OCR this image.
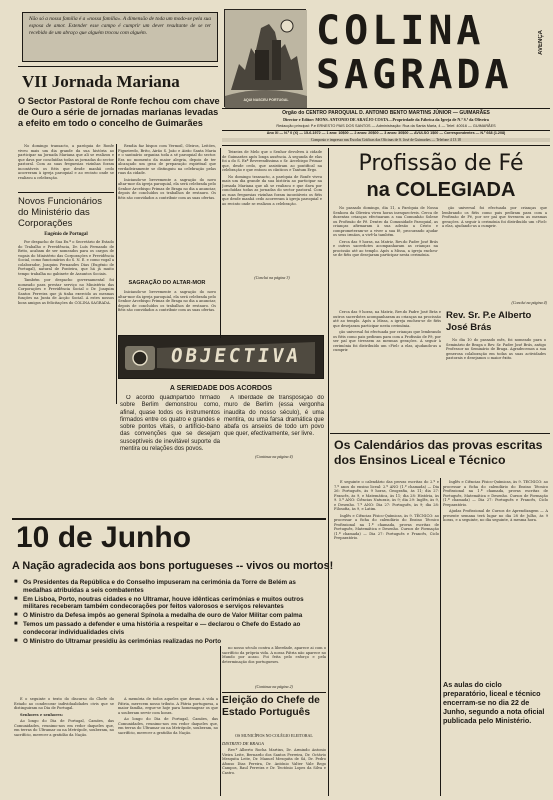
Não só a nossa família é a «nossa família». A dimensão de toda um modo-se pela sua esposa de amor. Estender esse campo é cumprir um dever resultante de se ter recebido de um abraço que alguém trocou com alguém.
AQUI NASCEU PORTUGAL
COLINA
SAGRADA
AVENÇA
Orgão do CENTRO PAROQUIAL D. ANTONIO BENTO MARTINS JÚNIOR — GUIMARÃES
Director e Editor: MONS. ANTONIO DE ARAÚJO COSTA—Propriedade da Fábrica da Igreja de N.ª S.ª da Oliveira
Redacção principal: P.e ERNESTO PAIS DOS SANTOS — Administração: Rua da Santa Maria, 4 — Telef. 40016 — GUIMARÃES
Ano XI — N.º 0 (X) — 15-6-1972 — 1 ano: 10$00 — 2 anos: 20$00 — 3 anos: 30$00 — AVULSO 1$00 — Correspondentes — N.º 668 (1.208)
Composto e impresso nas Escolas Gráficas das Oficinas de S. José de Guimarães — Telefone 4 13 18
VII Jornada Mariana
O Sector Pastoral de Ronfe fechou com chave de Ouro a série de jornadas marianas levadas a efeito em todo o concelho de Guimarães

No domingo transacto, a paróquia de Ronfe viveu mais um dia grande da sua história ao participar na Jornada Mariana que ali se realizou e que dava por concluídas todas as jornadas do sector pastoral. Com as suas freguesias vizinhas foram incontáveis os fiéis que desde manhã cedo acorreram à igreja paroquial e ao recinto onde se realizou a celebração.

Rendia faz bispos com Vermoil, Oleiros, Leitões, Figueiredo, Brito, Airão S. João e Airão Santa Maria e o santuário organiza toda a sé paroquial do sector. Era no momento da maior alegria, depois de ter alcançado um grau de preparação espiritual que verdadeiramente se distinguiu na celebração pelas ruas da cidade.

Iniciando-se brevemente a sagração do novo altar-mor da igreja paroquial, ela será celebrada pelo Senhor Arcebispo Primaz de Braga no dia a anunciar, depois de concluídos os trabalhos de restauro. Os fiéis são convidados a contribuir com as suas ofertas.

Novos Funcionários do Ministério das Corporações
Eugénio de Portugal

Por despacho de Sua Ex.ª o Secretário de Estado do Trabalho e Previdência, Dr. Luís Fernando de Brito, acabam de ser nomeados para os cargos de vogais do Ministério das Corporações e Previdência Social, como funcionários do S. N. E. e como vogal a colaborador, Joaquim Fernandes Dias (Eugénio de Portugal), natural de Ponteira, que há já muito tempo trabalha no gabinete de Assuntos Sociais.

Também por despacho governamental foi nomeado para prestar serviço no Ministério das Corporações e Previdência Social o Dr. Joaquim Santos Ferreira que já tinha exercido as mesmas funções na Junta de Acção Social. A estes nossos bons amigos as felicitações do COLINA SAGRADA.

SAGRAÇÃO DO ALTAR-MOR

Iniciando-se brevemente a sagração do novo altar-mor da igreja paroquial, ela será celebrada pelo Senhor Arcebispo Primaz de Braga no dia a anunciar, depois de concluídos os trabalhos de restauro. Os fiéis são convidados a contribuir com as suas ofertas.

Teixeira de Melo que o Senhor devolveu à cidade de Guimarães após longa ausência. A segunda de elas foi a do S. Exª Reverendíssima o Sr. Arcebispo Primaz que, desde cedo, que assistiram ao pontifical na celebração e que entoou os cânticos e Tantum Ergo.

No domingo transacto, a paróquia de Ronfe viveu mais um dia grande da sua história ao participar na Jornada Mariana que ali se realizou e que dava por concluídas todas as jornadas do sector pastoral. Com as suas freguesias vizinhas foram incontáveis os fiéis que desde manhã cedo acorreram à igreja paroquial e ao recinto onde se realizou a celebração.

(Conclui na página 3)
OBJECTIVA
A SERIEDADE DOS ACORDOS

O acordo quadripartido firmado sobre Berlim demonstrou como, afinal, quase todos os instrumentos firmados entre os quatro e grandes e sobre pontos vitais, o artifício-bano das convenções que se desejam susceptíveis de inevitável suporte da mentira ou relações dos povos.

A liberdade de transposição do muro de Berlim (essa vergonha inaudita do nosso século), é uma mentira, ou uma farsa dramática que abafa os anseios de todo um povo que quer, efectivamente, ser livre.

(Continua na página 4)
Profissão de Fé
na COLEGIADA

No passado domingo, dia 11, a Paróquia de Nossa Senhora da Oliveira viveu horas inesquecíveis. Cerca de duzentas crianças efectuaram a sua Comunhão Solene ou Profissão de Fé. Dentro da Comunidade Paroquial, as crianças afirmaram à sua adesão a Cristo e comprometeram-se a viver a sua fé, procurando ajudar os seus irmãos, a vivê-la também.

Cerca das 9 horas, na Matriz, Rev.do Padre José Brás e outros sacerdotes acompanharam as crianças na procissão até ao templo. Após a Missa, a igreja encheu-se de fiéis que desejaram participar nesta cerimónia.

ção universal foi efectuada por crianças que lembrando os fiéis como pais pediram para com a Profissão de Fé, por ser paí que tivessem as mesmas gerações. A seguir à cerimónia foi distribuído um «Fiel» a elas, ajudando-as a cumprir.

(Conclui na página 4)
Rev. Sr. P.e Alberto José Brás

No dia 10 do passado mês, foi nomeado para o Seminário de Braga o Rev. Sr. Padre José Brás, antigo Professor no Seminário de Braga. Agradecemos a sua generosa colaboração em todas as suas actividades pastorais e desejamos o maior êxito.

Cerca das 9 horas, na Matriz, Rev.do Padre José Brás e outros sacerdotes acompanharam as crianças na procissão até ao templo. Após a Missa, a igreja encheu-se de fiéis que desejaram participar nesta cerimónia.

ção universal foi efectuada por crianças que lembrando os fiéis como pais pediram para com a Profissão de Fé, por ser paí que tivessem as mesmas gerações. A seguir à cerimónia foi distribuído um «Fiel» a elas, ajudando-as a cumprir.

Os Calendários das provas escritas dos Ensinos Liceal e Técnico

É seguinte o calendário das provas escritas do 2.º e 7.º anos do ensino liceal: 2.º ANO (1.º chamada) — Dia 26: Português, às 9 horas, Geografia, às 11; dia 27: Francês, às 9, e Matemática, às 11; dia 28: História, às 9. 5.º ANO: Ciências Naturais, às 9; dia 29: Inglês, às 9, e Desenho. 7.º ANO: Dia 27: Português, às 9; dia 28: Filosofia, às 9, e Latim.

Inglês e Ciências Físico-Químicas, às 9. TÉCNICO: ao processar a ficha do calendário do Ensino Técnico Profissional na 1.ª chamada, provas escritas de Português, Matemática e Desenho. Cursos de Formação (1.ª chamada) — Dia 27: Português e Francês, Ciclo Preparatório.

Inglês e Ciências Físico-Químicas, às 9. TÉCNICO: ao processar a ficha do calendário do Ensino Técnico Profissional na 1.ª chamada, provas escritas de Português, Matemática e Desenho. Cursos de Formação (1.ª chamada) — Dia 27: Português e Francês, Ciclo Preparatório.

Ajudas Profissional de Cursos de Aprendizagem — A presente semana terá lugar no dia 28 de Julho, às 9 horas, e a seguinte, no dia seguinte, à mesma hora.

As aulas do ciclo preparatório, liceal e técnico encerram-se no dia 22 de Junho, segundo a nota oficial publicada pelo Ministério.
10 de Junho
A Nação agradecida aos bons portugueses -- vivos ou mortos!
■ Os Presidentes da República e do Conselho impuseram na cerimónia da Torre de Belém as medalhas atribuídas a seis combatentes
■ Em Lisboa, Porto, noutras cidades e no Ultramar, houve idênticas cerimónias e muitos outros militares receberam também condecorações por feitos valorosos e serviços relevantes
■ O Ministro da Defesa impôs ao general Spínola a medalha de ouro de Valor Militar com palma
■ Temos um passado a defender e uma história a respeitar e — declarou o Chefe do Estado ao condecorar individualidades civis
■ O Ministro do Ultramar presidiu às cerimónias realizadas no Porto

E o seguinte o texto do discurso do Chefe do Estado ao condecorar individualidades civis que se distinguiram no Dia de Portugal.

Senhores e senhores:

Ao longo do Dia de Portugal, Camões, das Comunidades, reunimo-nos em redor daqueles que, em terras do Ultramar ou na Metrópole, souberam, no sacrifício, merecer a gratidão da Nação.

A memória de todos aqueles que deram à vida a Pátria, merecem nosso tributo. A Pátria portuguesa, a maior família, ergue-se hoje para homenagear os que a souberam servir com honra.

Ao longo do Dia de Portugal, Camões, das Comunidades, reunimo-nos em redor daqueles que, em terras do Ultramar ou na Metrópole, souberam, no sacrifício, merecer a gratidão da Nação.

no nosso século contra a liberdade, aparece ai com o sacrifício da própria vida. A nossa Pátria não aparece no Mundo por acaso. Foi feita pelo esforço e pela determinação dos portugueses.

(Continua na página 2)
Eleição do Chefe de Estado Português
OS MUNICÍPIOS NO COLÉGIO ELEITORAL
DISTRITO DE BRAGA

Rev.º Alberto Rocha Martins, Dr. Armindo Antonio Vieira Leite, Bernardo dos Santos Ferreira, Dr. Octávio Mesquita Leite, Dr. Manuel Mesquita de Sá, Dr. Pedro Afonso Dias Pereira, Dr. António Valter Vale Rego Campos, Raul Ferreira e Dr. Teotónio Lopes da Silva e Castro.
